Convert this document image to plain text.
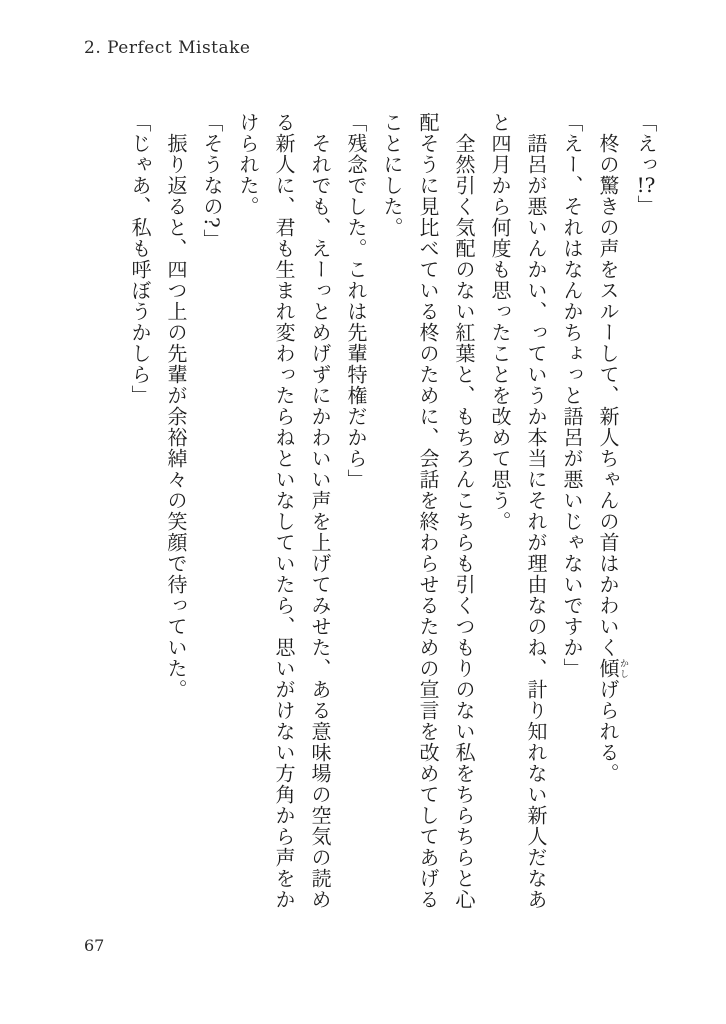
2. Perfect Mistake
「えっ!?」
　柊の驚きの声をスルーして、新人ちゃんの首はかわいく傾かしげられる。
「えー、それはなんかちょっと語呂が悪いじゃないですか」
　語呂が悪いんかい、っていうか本当にそれが理由なのね、計り知れない新人だなあ
と四月から何度も思ったことを改めて思う。
　全然引く気配のない紅葉と、もちろんこちらも引くつもりのない私をちらちらと心
配そうに見比べている柊のために、会話を終わらせるための宣言を改めてしてあげる
ことにした。
「残念でした。これは先輩特権だから」
　それでも、えーっとめげずにかわいい声を上げてみせた、ある意味場の空気の読め
る新人に、君も生まれ変わったらねといなしていたら、思いがけない方角から声をか
けられた。
「そうなの?」
　振り返ると、四つ上の先輩が余裕綽々の笑顔で待っていた。
「じゃあ、私も呼ぼうかしら」
67
